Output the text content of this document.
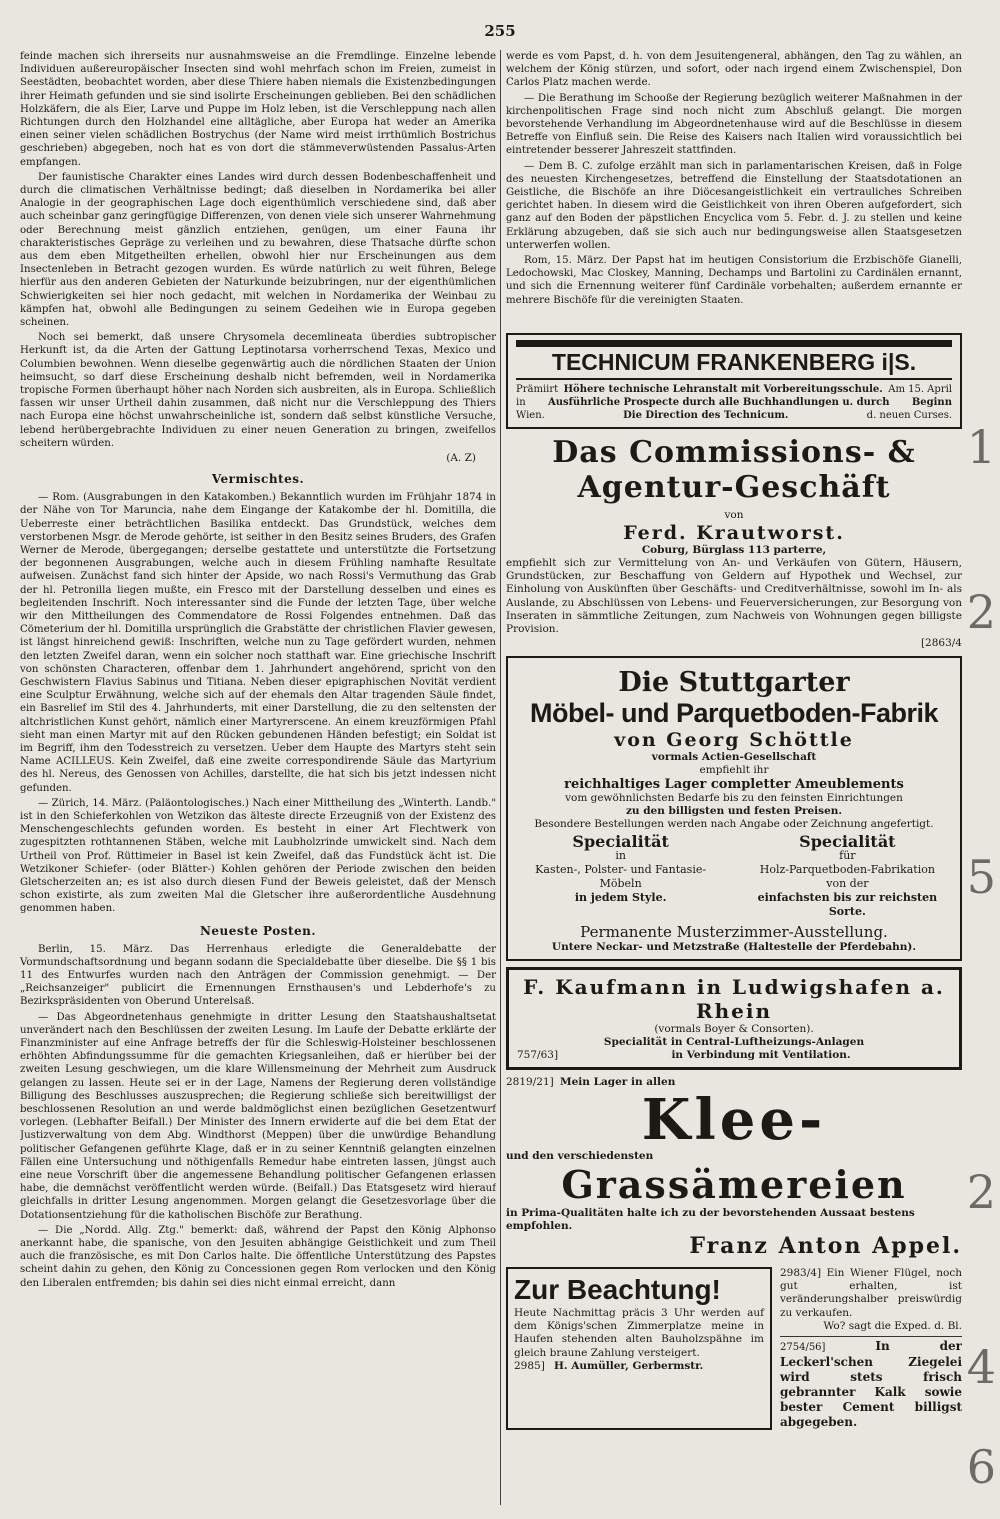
255

feinde machen sich ihrerseits nur ausnahmsweise an die Fremdlinge. Einzelne lebende Individuen außereuropäischer Insecten sind wohl mehrfach schon im Freien, zumeist in Seestädten, beobachtet worden, aber diese Thiere haben niemals die Existenzbedingungen ihrer Heimath gefunden und sie sind isolirte Erscheinungen geblieben. Bei den schädlichen Holzkäfern, die als Eier, Larve und Puppe im Holz leben, ist die Verschleppung nach allen Richtungen durch den Holzhandel eine alltägliche, aber Europa hat weder an Amerika einen seiner vielen schädlichen Bostrychus (der Name wird meist irrthümlich Bostrichus geschrieben) abgegeben, noch hat es von dort die stämmeverwüstenden Passalus-Arten empfangen.

Der faunistische Charakter eines Landes wird durch dessen Bodenbeschaffenheit und durch die climatischen Verhältnisse bedingt; daß dieselben in Nordamerika bei aller Analogie in der geographischen Lage doch eigenthümlich verschiedene sind, daß aber auch scheinbar ganz geringfügige Differenzen, von denen viele sich unserer Wahrnehmung oder Berechnung meist gänzlich entziehen, genügen, um einer Fauna ihr charakteristisches Gepräge zu verleihen und zu bewahren, diese Thatsache dürfte schon aus dem eben Mitgetheilten erhellen, obwohl hier nur Erscheinungen aus dem Insectenleben in Betracht gezogen wurden. Es würde natürlich zu weit führen, Belege hierfür aus den anderen Gebieten der Naturkunde beizubringen, nur der eigenthümlichen Schwierigkeiten sei hier noch gedacht, mit welchen in Nordamerika der Weinbau zu kämpfen hat, obwohl alle Bedingungen zu seinem Gedeihen wie in Europa gegeben scheinen.

Noch sei bemerkt, daß unsere Chrysomela decemlineata überdies subtropischer Herkunft ist, da die Arten der Gattung Leptinotarsa vorherrschend Texas, Mexico und Columbien bewohnen. Wenn dieselbe gegenwärtig auch die nördlichen Staaten der Union heimsucht, so darf diese Erscheinung deshalb nicht befremden, weil in Nordamerika tropische Formen überhaupt höher nach Norden sich ausbreiten, als in Europa. Schließlich fassen wir unser Urtheil dahin zusammen, daß nicht nur die Verschleppung des Thiers nach Europa eine höchst unwahrscheinliche ist, sondern daß selbst künstliche Versuche, lebend herübergebrachte Individuen zu einer neuen Generation zu bringen, zweifellos scheitern würden.

(A. Z)
Vermischtes.

— Rom. (Ausgrabungen in den Katakomben.) Bekanntlich wurden im Frühjahr 1874 in der Nähe von Tor Maruncia, nahe dem Eingange der Katakombe der hl. Domitilla, die Ueberreste einer beträchtlichen Basilika entdeckt. Das Grundstück, welches dem verstorbenen Msgr. de Merode gehörte, ist seither in den Besitz seines Bruders, des Grafen Werner de Merode, übergegangen; derselbe gestattete und unterstützte die Fortsetzung der begonnenen Ausgrabungen, welche auch in diesem Frühling namhafte Resultate aufweisen. Zunächst fand sich hinter der Apside, wo nach Rossi's Vermuthung das Grab der hl. Petronilla liegen mußte, ein Fresco mit der Darstellung desselben und eines es begleitenden Inschrift. Noch interessanter sind die Funde der letzten Tage, über welche wir den Mittheilungen des Commendatore de Rossi Folgendes entnehmen. Daß das Cömeterium der hl. Domitilla ursprünglich die Grabstätte der christlichen Flavier gewesen, ist längst hinreichend gewiß: Inschriften, welche nun zu Tage gefördert wurden, nehmen den letzten Zweifel daran, wenn ein solcher noch statthaft war. Eine griechische Inschrift von schönsten Characteren, offenbar dem 1. Jahrhundert angehörend, spricht von den Geschwistern Flavius Sabinus und Titiana. Neben dieser epigraphischen Novität verdient eine Sculptur Erwähnung, welche sich auf der ehemals den Altar tragenden Säule findet, ein Basrelief im Stil des 4. Jahrhunderts, mit einer Darstellung, die zu den seltensten der altchristlichen Kunst gehört, nämlich einer Martyrerscene. An einem kreuzförmigen Pfahl sieht man einen Martyr mit auf den Rücken gebundenen Händen befestigt; ein Soldat ist im Begriff, ihm den Todesstreich zu versetzen. Ueber dem Haupte des Martyrs steht sein Name ACILLEUS. Kein Zweifel, daß eine zweite correspondirende Säule das Martyrium des hl. Nereus, des Genossen von Achilles, darstellte, die hat sich bis jetzt indessen nicht gefunden.

— Zürich, 14. März. (Paläontologisches.) Nach einer Mittheilung des „Winterth. Landb." ist in den Schieferkohlen von Wetzikon das älteste directe Erzeugniß von der Existenz des Menschengeschlechts gefunden worden. Es besteht in einer Art Flechtwerk von zugespitzten rothtannenen Stäben, welche mit Laubholzrinde umwickelt sind. Nach dem Urtheil von Prof. Rüttimeier in Basel ist kein Zweifel, daß das Fundstück ächt ist. Die Wetzikoner Schiefer- (oder Blätter-) Kohlen gehören der Periode zwischen den beiden Gletscherzeiten an; es ist also durch diesen Fund der Beweis geleistet, daß der Mensch schon existirte, als zum zweiten Mal die Gletscher ihre außerordentliche Ausdehnung genommen haben.

Neueste Posten.

Berlin, 15. März. Das Herrenhaus erledigte die Generaldebatte der Vormundschaftsordnung und begann sodann die Specialdebatte über dieselbe. Die §§ 1 bis 11 des Entwurfes wurden nach den Anträgen der Commission genehmigt. — Der „Reichsanzeiger" publicirt die Ernennungen Ernsthausen's und Lebderhofe's zu Bezirkspräsidenten von Oberund Unterelsaß.

— Das Abgeordnetenhaus genehmigte in dritter Lesung den Staatshaushaltsetat unverändert nach den Beschlüssen der zweiten Lesung. Im Laufe der Debatte erklärte der Finanzminister auf eine Anfrage betreffs der für die Schleswig-Holsteiner beschlossenen erhöhten Abfindungssumme für die gemachten Kriegsanleihen, daß er hierüber bei der zweiten Lesung geschwiegen, um die klare Willensmeinung der Mehrheit zum Ausdruck gelangen zu lassen. Heute sei er in der Lage, Namens der Regierung deren vollständige Billigung des Beschlusses auszusprechen; die Regierung schließe sich bereitwilligst der beschlossenen Resolution an und werde baldmöglichst einen bezüglichen Gesetzentwurf vorlegen. (Lebhafter Beifall.) Der Minister des Innern erwiderte auf die bei dem Etat der Justizverwaltung von dem Abg. Windthorst (Meppen) über die unwürdige Behandlung politischer Gefangenen geführte Klage, daß er in zu seiner Kenntniß gelangten einzelnen Fällen eine Untersuchung und nöthigenfalls Remedur habe eintreten lassen, jüngst auch eine neue Vorschrift über die angemessene Behandlung politischer Gefangenen erlassen habe, die demnächst veröffentlicht werden würde. (Beifall.) Das Etatsgesetz wird hierauf gleichfalls in dritter Lesung angenommen. Morgen gelangt die Gesetzesvorlage über die Dotationsentziehung für die katholischen Bischöfe zur Berathung.

— Die „Nordd. Allg. Ztg." bemerkt: daß, während der Papst den König Alphonso anerkannt habe, die spanische, von den Jesuiten abhängige Geistlichkeit und zum Theil auch die französische, es mit Don Carlos halte. Die öffentliche Unterstützung des Papstes scheint dahin zu gehen, den König zu Concessionen gegen Rom verlocken und den König den Liberalen entfremden; bis dahin sei dies nicht einmal erreicht, dann

werde es vom Papst, d. h. von dem Jesuitengeneral, abhängen, den Tag zu wählen, an welchem der König stürzen, und sofort, oder nach irgend einem Zwischenspiel, Don Carlos Platz machen werde.

— Die Berathung im Schooße der Regierung bezüglich weiterer Maßnahmen in der kirchenpolitischen Frage sind noch nicht zum Abschluß gelangt. Die morgen bevorstehende Verhandlung im Abgeordnetenhause wird auf die Beschlüsse in diesem Betreffe von Einfluß sein. Die Reise des Kaisers nach Italien wird voraussichtlich bei eintretender besserer Jahreszeit stattfinden.

— Dem B. C. zufolge erzählt man sich in parlamentarischen Kreisen, daß in Folge des neuesten Kirchengesetzes, betreffend die Einstellung der Staatsdotationen an Geistliche, die Bischöfe an ihre Diöcesangeistlichkeit ein vertrauliches Schreiben gerichtet haben. In diesem wird die Geistlichkeit von ihren Oberen aufgefordert, sich ganz auf den Boden der päpstlichen Encyclica vom 5. Febr. d. J. zu stellen und keine Erklärung abzugeben, daß sie sich auch nur bedingungsweise allen Staatsgesetzen unterwerfen wollen.

Rom, 15. März. Der Papst hat im heutigen Consistorium die Erzbischöfe Gianelli, Ledochowski, Mac Closkey, Manning, Dechamps und Bartolini zu Cardinälen ernannt, und sich die Ernennung weiterer fünf Cardinäle vorbehalten; außerdem ernannte er mehrere Bischöfe für die vereinigten Staaten.

TECHNICUM FRANKENBERG i|S.
Prämiirt Höhere technische Lehranstalt mit Vorbereitungsschule. Am 15. April
in Ausführliche Prospecte durch alle Buchhandlungen u. durch Beginn
Wien.	Die Direction des Technicum.	d. neuen Curses.
Das Commissions- & Agentur-Geschäft
von
Ferd. Krautworst.
Coburg, Bürglass 113 parterre,
empfiehlt sich zur Vermittelung von An- und Verkäufen von Gütern, Häusern, Grundstücken, zur Beschaffung von Geldern auf Hypothek und Wechsel, zur Einholung von Auskünften über Geschäfts- und Creditverhältnisse, sowohl im In- als Auslande, zu Abschlüssen von Lebens- und Feuerversicherungen, zur Besorgung von Inseraten in sämmtliche Zeitungen, zum Nachweis von Wohnungen gegen billigste Provision.
[2863/4
Die Stuttgarter
Möbel- und Parquetboden-Fabrik
von Georg Schöttle
vormals Actien-Gesellschaft
empfiehlt ihr
reichhaltiges Lager completter Ameublements
vom gewöhnlichsten Bedarfe bis zu den feinsten Einrichtungen
zu den billigsten und festen Preisen.
Besondere Bestellungen werden nach Angabe oder Zeichnung angefertigt.
Specialität
in
Kasten-, Polster- und Fantasie-
Möbeln
in jedem Style.
Specialität
für
Holz-Parquetboden-Fabrikation
von der
einfachsten bis zur reichsten Sorte.
Permanente Musterzimmer-Ausstellung.
Untere Neckar- und Metzstraße (Haltestelle der Pferdebahn).
F. Kaufmann in Ludwigshafen a. Rhein
(vormals Boyer & Consorten).
Specialität in Central-Luftheizungs-Anlagen
757/63]	in Verbindung mit Ventilation.
2819/21] Mein Lager in allen
Klee-
und den verschiedensten
Grassämereien
in Prima-Qualitäten halte ich zu der bevorstehenden Aussaat bestens empfohlen.
Franz Anton Appel.
Zur Beachtung!
Heute Nachmittag präcis 3 Uhr werden auf dem Königs'schen Zimmerplatze meine in Haufen stehenden alten Bauholzspähne im gleich braune Zahlung versteigert.
2985] H. Aumüller, Gerbermstr.
2983/4] Ein Wiener Flügel, noch gut erhalten, ist veränderungshalber preiswürdig zu verkaufen.
Wo? sagt die Exped. d. Bl.
2754/56]	In der Leckerl'schen Ziegelei wird stets frisch gebrannter Kalk sowie bester Cement billigst abgegeben.
1
2
5
2
4
6
